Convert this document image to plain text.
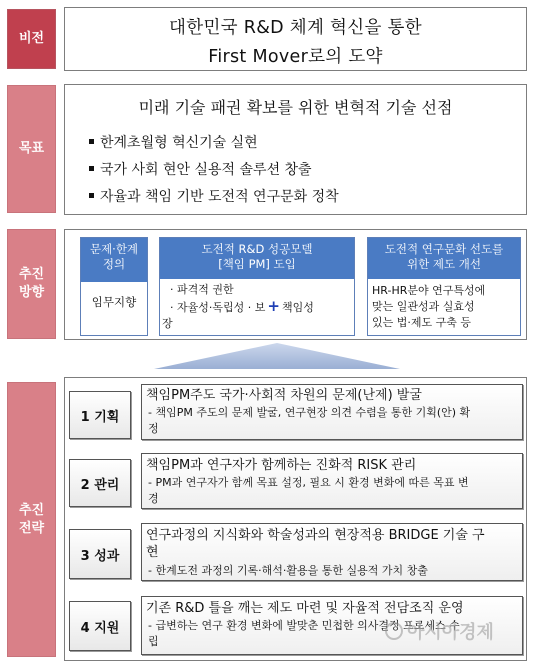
비전
대한민국 R&D 체계 혁신을 통한
First Mover로의 도약
목표
미래 기술 패권 확보를 위한 변혁적 기술 선점
한계초월형 혁신기술 실현
국가 사회 현안 실용적 솔루션 창출
자율과 책임 기반 도전적 연구문화 정착
추진
방향
문제·한계
정의
임무지향
도전적 R&D 성공모델
[책임 PM] 도입
· 파격적 권한
· 자율성·독립성 · 보 + 책임성
장
도전적 연구문화 선도를
위한 제도 개선
HR-HR분야 연구특성에
맞는 일관성과 실효성
있는 법·제도 구축 등
추진
전략
1 기획
책임PM주도 국가·사회적 차원의 문제(난제) 발굴
- 책임PM 주도의 문제 발굴, 연구현장 의견 수렴을 통한 기획(안) 확
정
2 관리
책임PM과 연구자가 함께하는 진화적 RISK 관리
- PM과 연구자가 함께 목표 설정, 필요 시 환경 변화에 따른 목표 변
경
3 성과
연구과정의 지식화와 학술성과의 현장적용 BRIDGE 기술 구
현
- 한계도전 과정의 기록·해석·활용을 통한 실용적 가치 창출
4 지원
기존 R&D 틀을 깨는 제도 마련 및 자율적 전담조직 운영
- 급변하는 연구 환경 변화에 발맞춘 민첩한 의사결정 프로세스 수
립	아시아경제
